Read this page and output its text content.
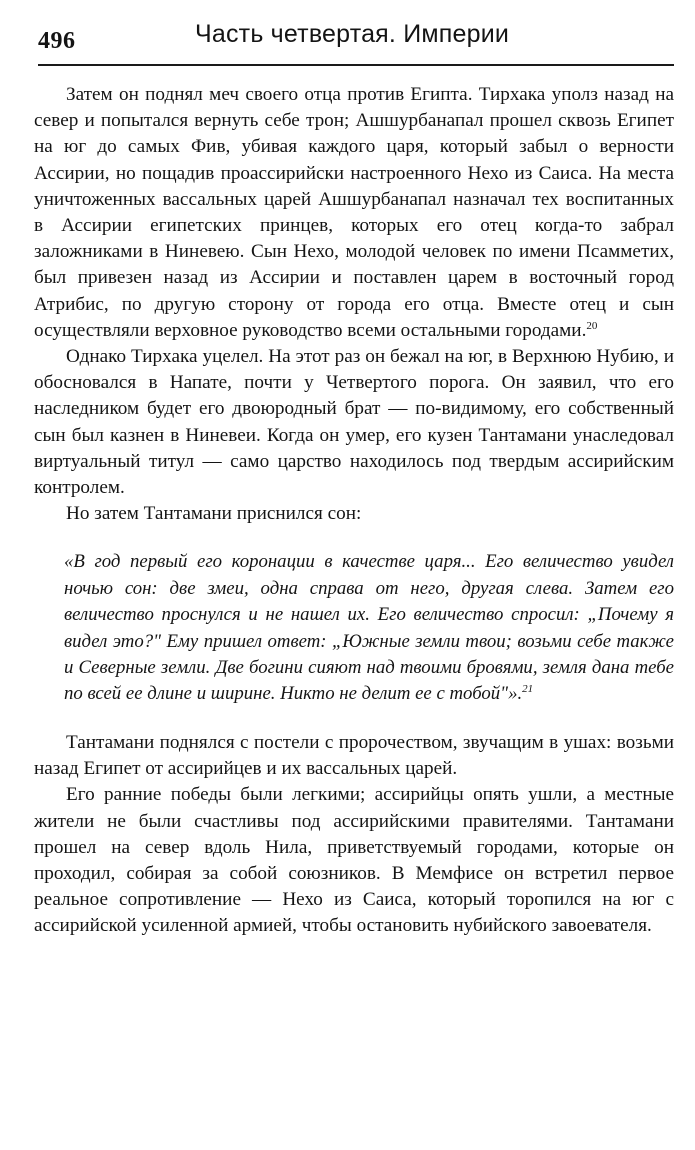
496	Часть четвертая. Империи

Затем он поднял меч своего отца против Египта. Тирхака уполз назад на север и попытался вернуть себе трон; Ашшурбанапал прошел сквозь Египет на юг до самых Фив, убивая каждого царя, который забыл о верности Ассирии, но пощадив проассирийски настроенного Нехо из Саиса. На места уничтоженных вассальных царей Ашшурбанапал назначал тех воспитанных в Ассирии египетских принцев, которых его отец когда-то забрал заложниками в Ниневею. Сын Нехо, молодой человек по имени Псамметих, был привезен назад из Ассирии и поставлен царем в восточный город Атрибис, по другую сторону от города его отца. Вместе отец и сын осуществляли верховное руководство всеми остальными городами.$^{20}$

Однако Тирхака уцелел. На этот раз он бежал на юг, в Верхнюю Нубию, и обосновался в Напате, почти у Четвертого порога. Он заявил, что его наследником будет его двоюродный брат — по-видимому, его собственный сын был казнен в Ниневеи. Когда он умер, его кузен Тантамани унаследовал виртуальный титул — само царство находилось под твердым ассирийским контролем.

Но затем Тантамани приснился сон:

«В год первый его коронации в качестве царя... Его величество увидел ночью сон: две змеи, одна справа от него, другая слева. Затем его величество проснулся и не нашел их. Его величество спросил: „Почему я видел это?" Ему пришел ответ: „Южные земли твои; возьми себе также и Северные земли. Две богини сияют над твоими бровями, земля дана тебе по всей ее длине и ширине. Никто не делит ее с тобой"».$^{21}$

Тантамани поднялся с постели с пророчеством, звучащим в ушах: возьми назад Египет от ассирийцев и их вассальных царей.

Его ранние победы были легкими; ассирийцы опять ушли, а местные жители не были счастливы под ассирийскими правителями. Тантамани прошел на север вдоль Нила, приветствуемый городами, которые он проходил, собирая за собой союзников. В Мемфисе он встретил первое реальное сопротивление — Нехо из Саиса, который торопился на юг с ассирийской усиленной армией, чтобы остановить нубийского завоевателя.
